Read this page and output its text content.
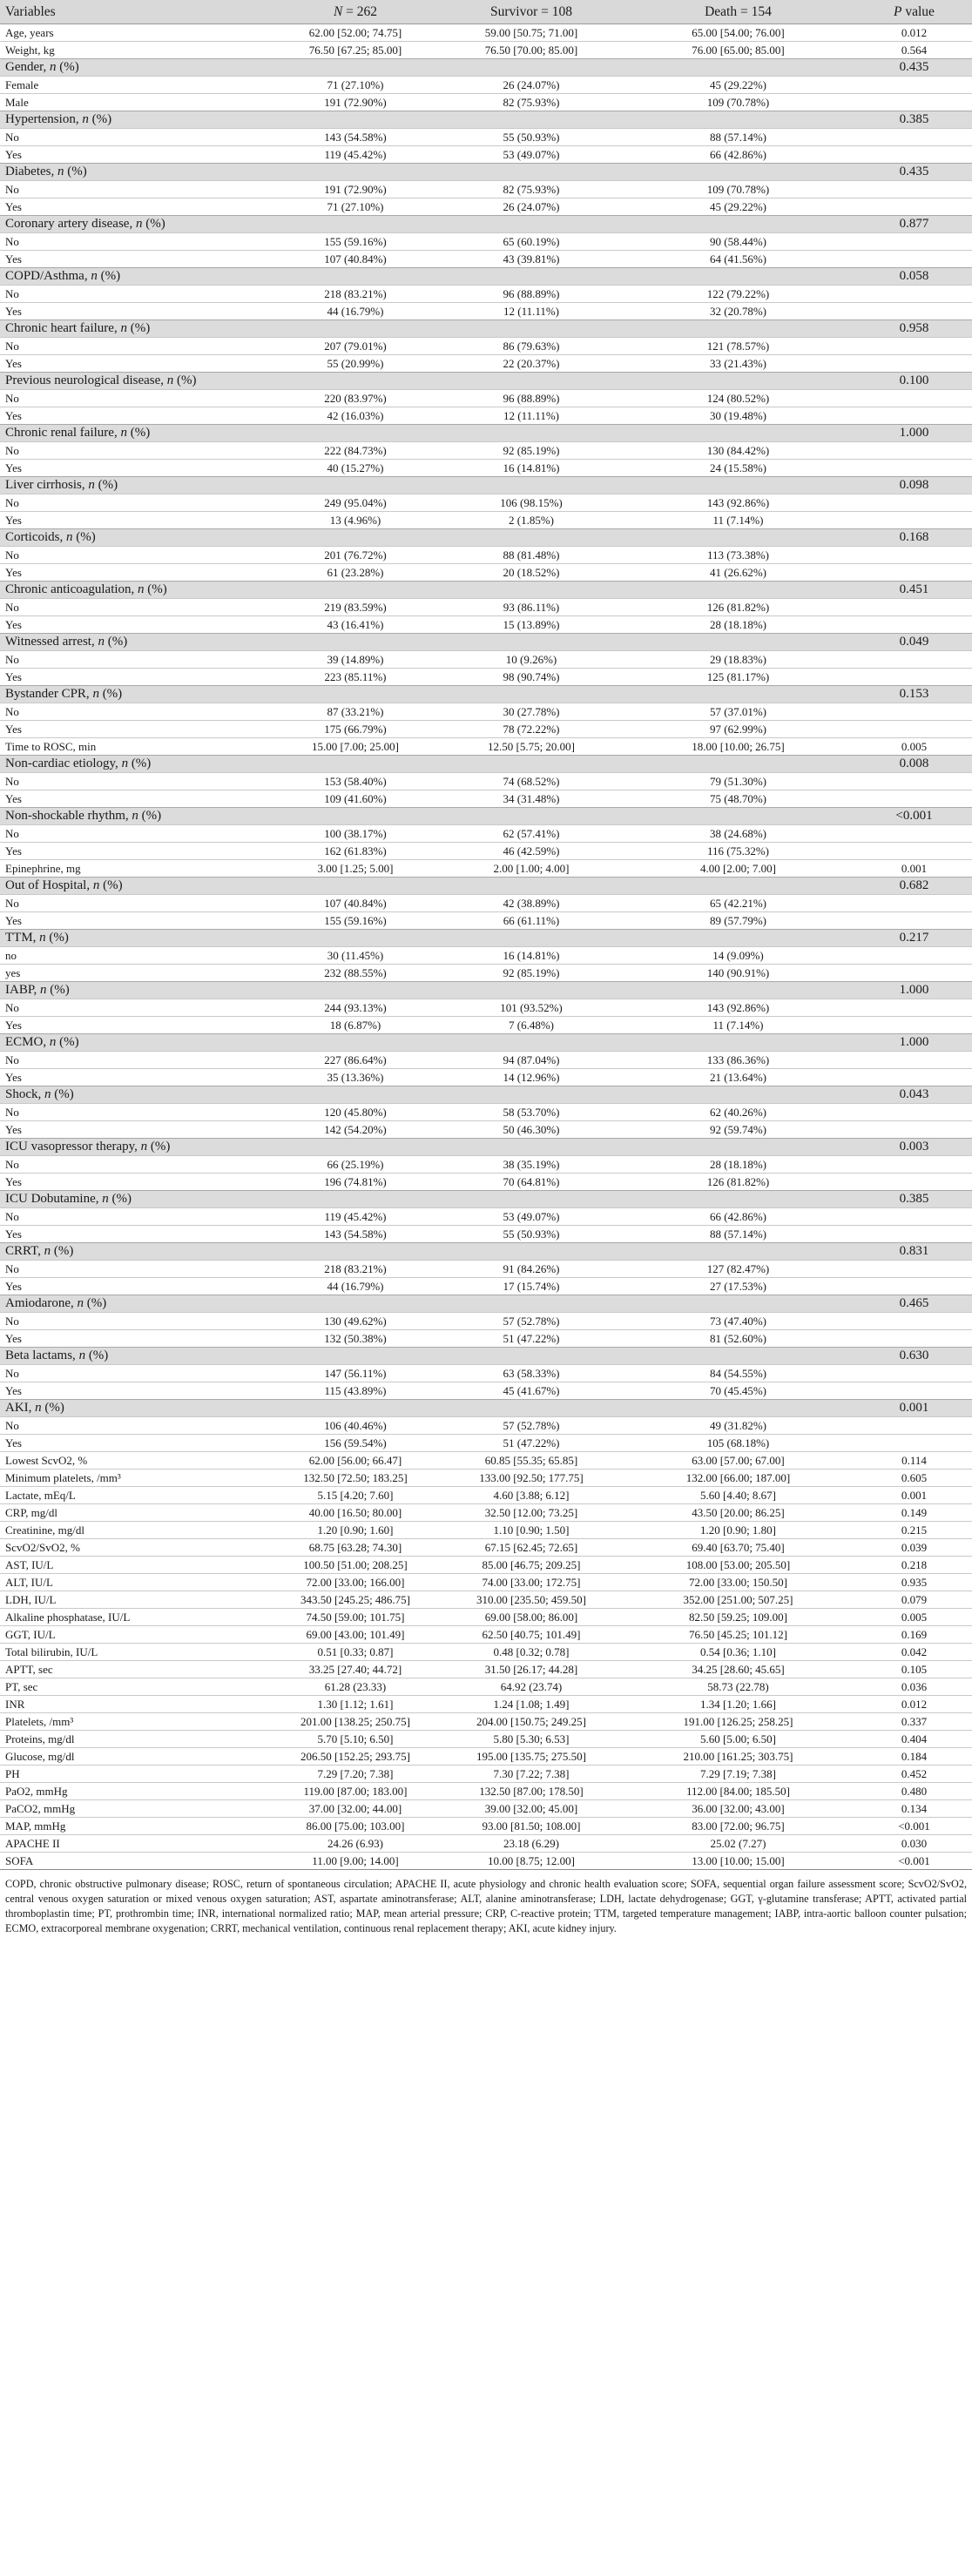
Variables	N = 262	Survivor = 108	Death = 154	P value
Age, years	62.00 [52.00; 74.75]	59.00 [50.75; 71.00]	65.00 [54.00; 76.00]	0.012
Weight, kg	76.50 [67.25; 85.00]	76.50 [70.00; 85.00]	76.00 [65.00; 85.00]	0.564
Gender, n (%)				0.435
Female	71 (27.10%)	26 (24.07%)	45 (29.22%)	
Male	191 (72.90%)	82 (75.93%)	109 (70.78%)	
Hypertension, n (%)				0.385
No	143 (54.58%)	55 (50.93%)	88 (57.14%)	
Yes	119 (45.42%)	53 (49.07%)	66 (42.86%)	
Diabetes, n (%)				0.435
No	191 (72.90%)	82 (75.93%)	109 (70.78%)	
Yes	71 (27.10%)	26 (24.07%)	45 (29.22%)	
Coronary artery disease, n (%)				0.877
No	155 (59.16%)	65 (60.19%)	90 (58.44%)	
Yes	107 (40.84%)	43 (39.81%)	64 (41.56%)	
COPD/Asthma, n (%)				0.058
No	218 (83.21%)	96 (88.89%)	122 (79.22%)	
Yes	44 (16.79%)	12 (11.11%)	32 (20.78%)	
Chronic heart failure, n (%)				0.958
No	207 (79.01%)	86 (79.63%)	121 (78.57%)	
Yes	55 (20.99%)	22 (20.37%)	33 (21.43%)	
Previous neurological disease, n (%)				0.100
No	220 (83.97%)	96 (88.89%)	124 (80.52%)	
Yes	42 (16.03%)	12 (11.11%)	30 (19.48%)	
Chronic renal failure, n (%)				1.000
No	222 (84.73%)	92 (85.19%)	130 (84.42%)	
Yes	40 (15.27%)	16 (14.81%)	24 (15.58%)	
Liver cirrhosis, n (%)				0.098
No	249 (95.04%)	106 (98.15%)	143 (92.86%)	
Yes	13 (4.96%)	2 (1.85%)	11 (7.14%)	
Corticoids, n (%)				0.168
No	201 (76.72%)	88 (81.48%)	113 (73.38%)	
Yes	61 (23.28%)	20 (18.52%)	41 (26.62%)	
Chronic anticoagulation, n (%)				0.451
No	219 (83.59%)	93 (86.11%)	126 (81.82%)	
Yes	43 (16.41%)	15 (13.89%)	28 (18.18%)	
Witnessed arrest, n (%)				0.049
No	39 (14.89%)	10 (9.26%)	29 (18.83%)	
Yes	223 (85.11%)	98 (90.74%)	125 (81.17%)	
Bystander CPR, n (%)				0.153
No	87 (33.21%)	30 (27.78%)	57 (37.01%)	
Yes	175 (66.79%)	78 (72.22%)	97 (62.99%)	
Time to ROSC, min	15.00 [7.00; 25.00]	12.50 [5.75; 20.00]	18.00 [10.00; 26.75]	0.005
Non-cardiac etiology, n (%)				0.008
No	153 (58.40%)	74 (68.52%)	79 (51.30%)	
Yes	109 (41.60%)	34 (31.48%)	75 (48.70%)	
Non-shockable rhythm, n (%)				<0.001
No	100 (38.17%)	62 (57.41%)	38 (24.68%)	
Yes	162 (61.83%)	46 (42.59%)	116 (75.32%)	
Epinephrine, mg	3.00 [1.25; 5.00]	2.00 [1.00; 4.00]	4.00 [2.00; 7.00]	0.001
Out of Hospital, n (%)				0.682
No	107 (40.84%)	42 (38.89%)	65 (42.21%)	
Yes	155 (59.16%)	66 (61.11%)	89 (57.79%)	
TTM, n (%)				0.217
no	30 (11.45%)	16 (14.81%)	14 (9.09%)	
yes	232 (88.55%)	92 (85.19%)	140 (90.91%)	
IABP, n (%)				1.000
No	244 (93.13%)	101 (93.52%)	143 (92.86%)	
Yes	18 (6.87%)	7 (6.48%)	11 (7.14%)	
ECMO, n (%)				1.000
No	227 (86.64%)	94 (87.04%)	133 (86.36%)	
Yes	35 (13.36%)	14 (12.96%)	21 (13.64%)	
Shock, n (%)				0.043
No	120 (45.80%)	58 (53.70%)	62 (40.26%)	
Yes	142 (54.20%)	50 (46.30%)	92 (59.74%)	
ICU vasopressor therapy, n (%)				0.003
No	66 (25.19%)	38 (35.19%)	28 (18.18%)	
Yes	196 (74.81%)	70 (64.81%)	126 (81.82%)	
ICU Dobutamine, n (%)				0.385
No	119 (45.42%)	53 (49.07%)	66 (42.86%)	
Yes	143 (54.58%)	55 (50.93%)	88 (57.14%)	
CRRT, n (%)				0.831
No	218 (83.21%)	91 (84.26%)	127 (82.47%)	
Yes	44 (16.79%)	17 (15.74%)	27 (17.53%)	
Amiodarone, n (%)				0.465
No	130 (49.62%)	57 (52.78%)	73 (47.40%)	
Yes	132 (50.38%)	51 (47.22%)	81 (52.60%)	
Beta lactams, n (%)				0.630
No	147 (56.11%)	63 (58.33%)	84 (54.55%)	
Yes	115 (43.89%)	45 (41.67%)	70 (45.45%)	
AKI, n (%)				0.001
No	106 (40.46%)	57 (52.78%)	49 (31.82%)	
Yes	156 (59.54%)	51 (47.22%)	105 (68.18%)	
Lowest ScvO2, %	62.00 [56.00; 66.47]	60.85 [55.35; 65.85]	63.00 [57.00; 67.00]	0.114
Minimum platelets, /mm³	132.50 [72.50; 183.25]	133.00 [92.50; 177.75]	132.00 [66.00; 187.00]	0.605
Lactate, mEq/L	5.15 [4.20; 7.60]	4.60 [3.88; 6.12]	5.60 [4.40; 8.67]	0.001
CRP, mg/dl	40.00 [16.50; 80.00]	32.50 [12.00; 73.25]	43.50 [20.00; 86.25]	0.149
Creatinine, mg/dl	1.20 [0.90; 1.60]	1.10 [0.90; 1.50]	1.20 [0.90; 1.80]	0.215
ScvO2/SvO2, %	68.75 [63.28; 74.30]	67.15 [62.45; 72.65]	69.40 [63.70; 75.40]	0.039
AST, IU/L	100.50 [51.00; 208.25]	85.00 [46.75; 209.25]	108.00 [53.00; 205.50]	0.218
ALT, IU/L	72.00 [33.00; 166.00]	74.00 [33.00; 172.75]	72.00 [33.00; 150.50]	0.935
LDH, IU/L	343.50 [245.25; 486.75]	310.00 [235.50; 459.50]	352.00 [251.00; 507.25]	0.079
Alkaline phosphatase, IU/L	74.50 [59.00; 101.75]	69.00 [58.00; 86.00]	82.50 [59.25; 109.00]	0.005
GGT, IU/L	69.00 [43.00; 101.49]	62.50 [40.75; 101.49]	76.50 [45.25; 101.12]	0.169
Total bilirubin, IU/L	0.51 [0.33; 0.87]	0.48 [0.32; 0.78]	0.54 [0.36; 1.10]	0.042
APTT, sec	33.25 [27.40; 44.72]	31.50 [26.17; 44.28]	34.25 [28.60; 45.65]	0.105
PT, sec	61.28 (23.33)	64.92 (23.74)	58.73 (22.78)	0.036
INR	1.30 [1.12; 1.61]	1.24 [1.08; 1.49]	1.34 [1.20; 1.66]	0.012
Platelets, /mm³	201.00 [138.25; 250.75]	204.00 [150.75; 249.25]	191.00 [126.25; 258.25]	0.337
Proteins, mg/dl	5.70 [5.10; 6.50]	5.80 [5.30; 6.53]	5.60 [5.00; 6.50]	0.404
Glucose, mg/dl	206.50 [152.25; 293.75]	195.00 [135.75; 275.50]	210.00 [161.25; 303.75]	0.184
PH	7.29 [7.20; 7.38]	7.30 [7.22; 7.38]	7.29 [7.19; 7.38]	0.452
PaO2, mmHg	119.00 [87.00; 183.00]	132.50 [87.00; 178.50]	112.00 [84.00; 185.50]	0.480
PaCO2, mmHg	37.00 [32.00; 44.00]	39.00 [32.00; 45.00]	36.00 [32.00; 43.00]	0.134
MAP, mmHg	86.00 [75.00; 103.00]	93.00 [81.50; 108.00]	83.00 [72.00; 96.75]	<0.001
APACHE II	24.26 (6.93)	23.18 (6.29)	25.02 (7.27)	0.030
SOFA	11.00 [9.00; 14.00]	10.00 [8.75; 12.00]	13.00 [10.00; 15.00]	<0.001
COPD, chronic obstructive pulmonary disease; ROSC, return of spontaneous circulation; APACHE II, acute physiology and chronic health evaluation score; SOFA, sequential organ failure assessment score; ScvO2/SvO2, central venous oxygen saturation or mixed venous oxygen saturation; AST, aspartate aminotransferase; ALT, alanine aminotransferase; LDH, lactate dehydrogenase; GGT, γ-glutamine transferase; APTT, activated partial thromboplastin time; PT, prothrombin time; INR, international normalized ratio; MAP, mean arterial pressure; CRP, C-reactive protein; TTM, targeted temperature management; IABP, intra-aortic balloon counter pulsation; ECMO, extracorporeal membrane oxygenation; CRRT, mechanical ventilation, continuous renal replacement therapy; AKI, acute kidney injury.
